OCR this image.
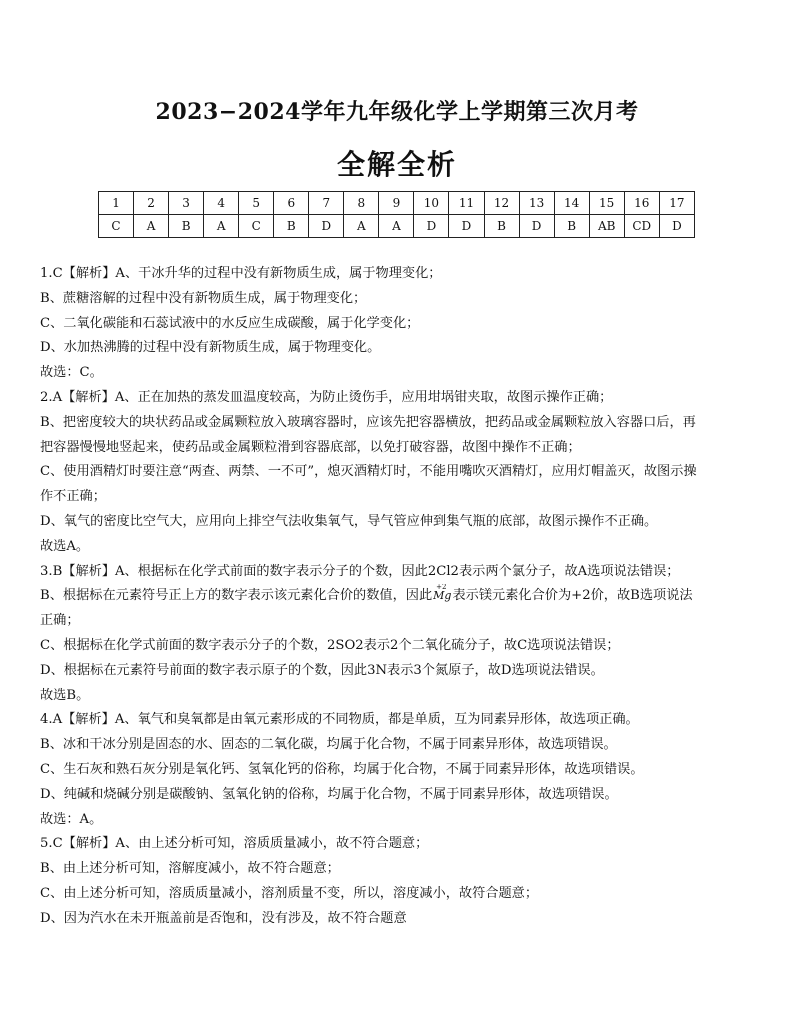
2023−2024学年九年级化学上学期第三次月考
全解全析
1	2	3	4	5	6	7	8	9	10	11	12	13	14	15	16	17
C	A	B	A	C	B	D	A	A	D	D	B	D	B	AB	CD	D

1.C【解析】A、干冰升华的过程中没有新物质生成，属于物理变化；

B、蔗糖溶解的过程中没有新物质生成，属于物理变化；

C、二氧化碳能和石蕊试液中的水反应生成碳酸，属于化学变化；

D、水加热沸腾的过程中没有新物质生成，属于物理变化。

故选：C。

2.A【解析】A、正在加热的蒸发皿温度较高，为防止烫伤手，应用坩埚钳夹取，故图示操作正确；

B、把密度较大的块状药品或金属颗粒放入玻璃容器时，应该先把容器横放，把药品或金属颗粒放入容器口后，再

把容器慢慢地竖起来，使药品或金属颗粒滑到容器底部，以免打破容器，故图中操作不正确；

C、使用酒精灯时要注意“两查、两禁、一不可”，熄灭酒精灯时，不能用嘴吹灭酒精灯，应用灯帽盖灭，故图示操

作不正确；

D、氧气的密度比空气大，应用向上排空气法收集氧气，导气管应伸到集气瓶的底部，故图示操作不正确。

故选A。

3.B【解析】A、根据标在化学式前面的数字表示分子的个数，因此2Cl2表示两个氯分子，故A选项说法错误；

B、根据标在元素符号正上方的数字表示该元素化合价的数值，因此
+2
Mg表示镁元素化合价为+2价，故B选项说法

正确；

C、根据标在化学式前面的数字表示分子的个数，2SO2表示2个二氧化硫分子，故C选项说法错误；

D、根据标在元素符号前面的数字表示原子的个数，因此3N表示3个氮原子，故D选项说法错误。

故选B。

4.A【解析】A、氧气和臭氧都是由氧元素形成的不同物质，都是单质，互为同素异形体，故选项正确。

B、冰和干冰分别是固态的水、固态的二氧化碳，均属于化合物，不属于同素异形体，故选项错误。

C、生石灰和熟石灰分别是氧化钙、氢氧化钙的俗称，均属于化合物，不属于同素异形体，故选项错误。

D、纯碱和烧碱分别是碳酸钠、氢氧化钠的俗称，均属于化合物，不属于同素异形体，故选项错误。

故选：A。

5.C【解析】A、由上述分析可知，溶质质量减小，故不符合题意；

B、由上述分析可知，溶解度减小，故不符合题意；

C、由上述分析可知，溶质质量减小，溶剂质量不变，所以，溶度减小，故符合题意；

D、因为汽水在未开瓶盖前是否饱和，没有涉及，故不符合题意
